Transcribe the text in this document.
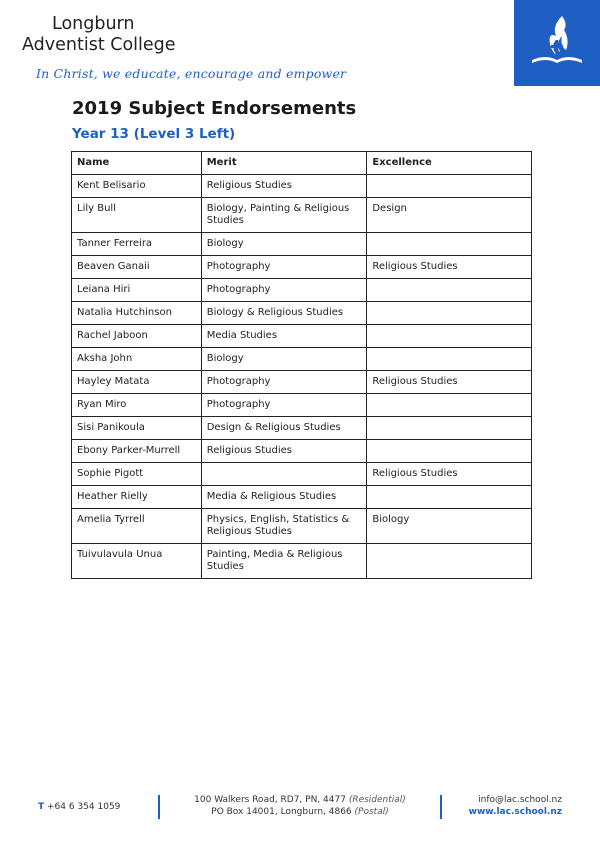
Longburn
Adventist College
In Christ, we educate, encourage and empower
2019 Subject Endorsements
Year 13 (Level 3 Left)
Name	Merit	Excellence
Kent Belisario	Religious Studies	
Lily Bull	Biology, Painting & Religious Studies	Design
Tanner Ferreira	Biology	
Beaven Ganaii	Photography	Religious Studies
Leiana Hiri	Photography	
Natalia Hutchinson	Biology & Religious Studies	
Rachel Jaboon	Media Studies	
Aksha John	Biology	
Hayley Matata	Photography	Religious Studies
Ryan Miro	Photography	
Sisi Panikoula	Design & Religious Studies	
Ebony Parker-Murrell	Religious Studies	
Sophie Pigott		Religious Studies
Heather Rielly	Media & Religious Studies	
Amelia Tyrrell	Physics, English, Statistics & Religious Studies	Biology
Tuivulavula Unua	Painting, Media & Religious Studies	
T +64 6 354 1059
100 Walkers Road, RD7, PN, 4477 (Residential)
PO Box 14001, Longburn, 4866 (Postal)
info@lac.school.nz
www.lac.school.nz
